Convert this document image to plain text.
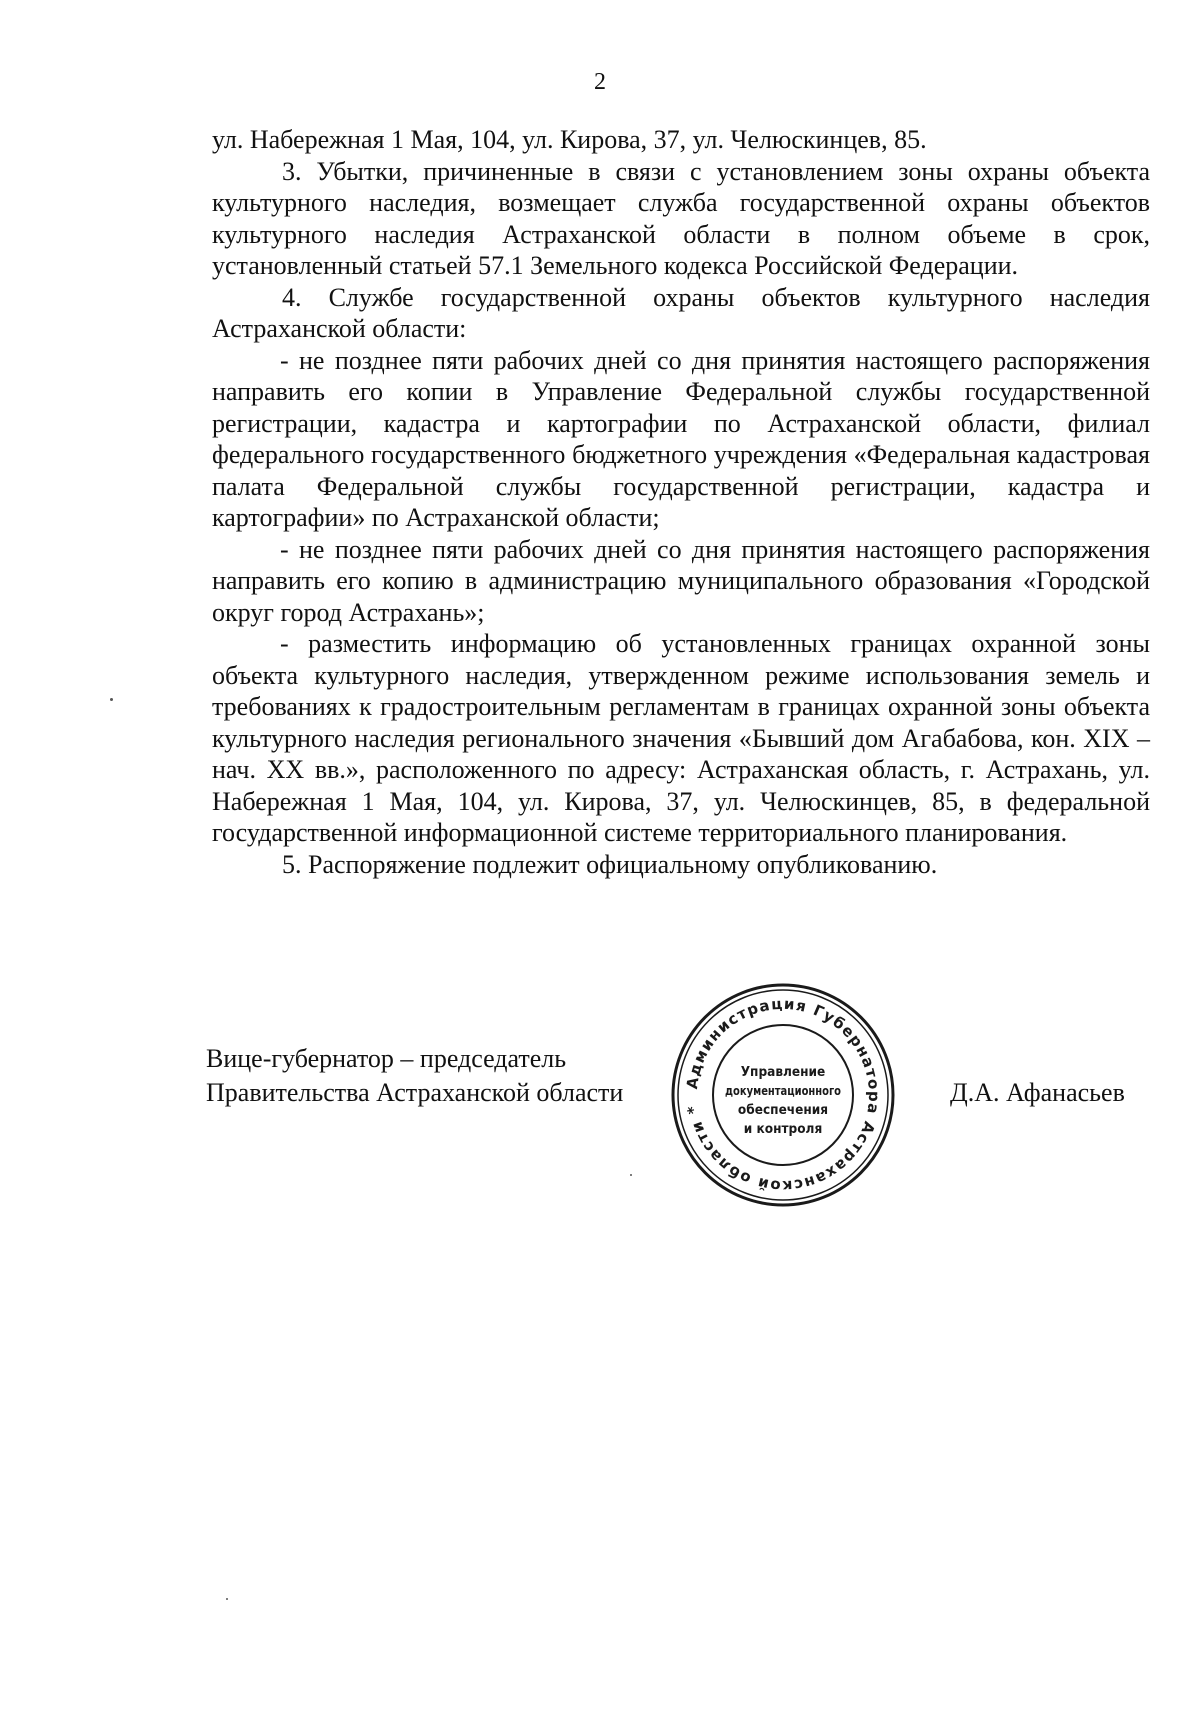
2

ул. Набережная 1 Мая, 104, ул. Кирова, 37, ул. Челюскинцев, 85.

3. Убытки, причиненные в связи с установлением зоны охраны объекта культурного наследия, возмещает служба государственной охраны объектов культурного наследия Астраханской области в полном объеме в срок, установленный статьей 57.1 Земельного кодекса Российской Федерации.

4. Службе государственной охраны объектов культурного наследия Астраханской области:

- не позднее пяти рабочих дней со дня принятия настоящего распоряжения направить его копии в Управление Федеральной службы государственной регистрации, кадастра и картографии по Астраханской области, филиал федерального государственного бюджетного учреждения «Федеральная кадастровая палата Федеральной службы государственной регистрации, кадастра и картографии» по Астраханской области;

- не позднее пяти рабочих дней со дня принятия настоящего распоряжения направить его копию в администрацию муниципального образования «Городской округ город Астрахань»;

- разместить информацию об установленных границах охранной зоны объекта культурного наследия, утвержденном режиме использования земель и требованиях к градостроительным регламентам в границах охранной зоны объекта культурного наследия регионального значения «Бывший дом Агабабова, кон. XIX – нач. XX вв.», расположенного по адресу: Астраханская область, г. Астрахань, ул. Набережная 1 Мая, 104, ул. Кирова, 37, ул. Челюскинцев, 85, в федеральной государственной информационной системе территориального планирования.

5. Распоряжение подлежит официальному опубликованию.

Вице-губернатор – председатель
Правительства Астраханской области	Администрация Губернатора Астраханской области *
Управление
документационного
обеспечения
и контроля
Д.А. Афанасьев
